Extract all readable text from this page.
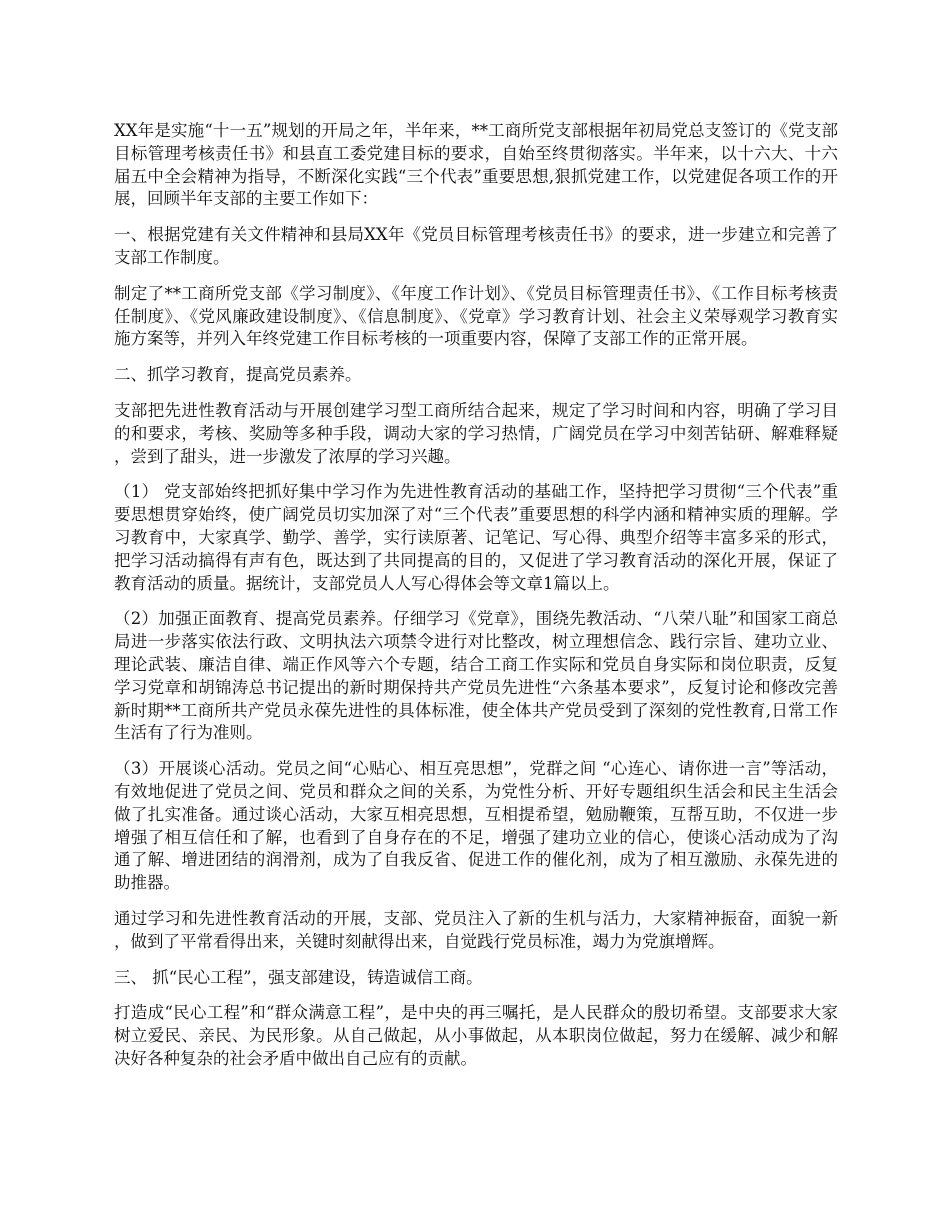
XX年是实施“十一五”规划的开局之年，半年来，**工商所党支部根据年初局党总支签订的《党支部目标管理考核责任书》和县直工委党建目标的要求，自始至终贯彻落实。半年来，以十六大、十六届五中全会精神为指导，不断深化实践“三个代表”重要思想,狠抓党建工作，以党建促各项工作的开展，回顾半年支部的主要工作如下：

一、根据党建有关文件精神和县局XX年《党员目标管理考核责任书》的要求，进一步建立和完善了支部工作制度。

制定了**工商所党支部《学习制度》、《年度工作计划》、《党员目标管理责任书》、《工作目标考核责任制度》、《党风廉政建设制度》、《信息制度》、《党章》学习教育计划、社会主义荣辱观学习教育实施方案等，并列入年终党建工作目标考核的一项重要内容，保障了支部工作的正常开展。

二、抓学习教育，提高党员素养。

支部把先进性教育活动与开展创建学习型工商所结合起来，规定了学习时间和内容，明确了学习目的和要求，考核、奖励等多种手段，调动大家的学习热情，广阔党员在学习中刻苦钻研、解难释疑，尝到了甜头，进一步激发了浓厚的学习兴趣。

（1） 党支部始终把抓好集中学习作为先进性教育活动的基础工作，坚持把学习贯彻“三个代表”重要思想贯穿始终，使广阔党员切实加深了对“三个代表”重要思想的科学内涵和精神实质的理解。学习教育中，大家真学、勤学、善学，实行读原著、记笔记、写心得、典型介绍等丰富多采的形式，把学习活动搞得有声有色，既达到了共同提高的目的，又促进了学习教育活动的深化开展，保证了教育活动的质量。据统计，支部党员人人写心得体会等文章1篇以上。

（2）加强正面教育、提高党员素养。仔细学习《党章》，围绕先教活动、“八荣八耻”和国家工商总局进一步落实依法行政、文明执法六项禁令进行对比整改，树立理想信念、践行宗旨、建功立业、理论武装、廉洁自律、端正作风等六个专题，结合工商工作实际和党员自身实际和岗位职责，反复学习党章和胡锦涛总书记提出的新时期保持共产党员先进性“六条基本要求”，反复讨论和修改完善新时期**工商所共产党员永葆先进性的具体标准，使全体共产党员受到了深刻的党性教育,日常工作生活有了行为准则。

（3）开展谈心活动。党员之间“心贴心、相互亮思想”，党群之间 “心连心、请你进一言”等活动，有效地促进了党员之间、党员和群众之间的关系，为党性分析、开好专题组织生活会和民主生活会做了扎实准备。通过谈心活动，大家互相亮思想，互相提希望，勉励鞭策，互帮互助，不仅进一步增强了相互信任和了解，也看到了自身存在的不足，增强了建功立业的信心，使谈心活动成为了沟通了解、增进团结的润滑剂，成为了自我反省、促进工作的催化剂，成为了相互激励、永葆先进的助推器。

通过学习和先进性教育活动的开展，支部、党员注入了新的生机与活力，大家精神振奋，面貌一新，做到了平常看得出来，关键时刻献得出来，自觉践行党员标准，竭力为党旗增辉。

三、 抓“民心工程”，强支部建设，铸造诚信工商。

打造成“民心工程”和“群众满意工程”，是中央的再三嘱托，是人民群众的殷切希望。支部要求大家树立爱民、亲民、为民形象。从自己做起，从小事做起，从本职岗位做起，努力在缓解、减少和解决好各种复杂的社会矛盾中做出自己应有的贡献。
